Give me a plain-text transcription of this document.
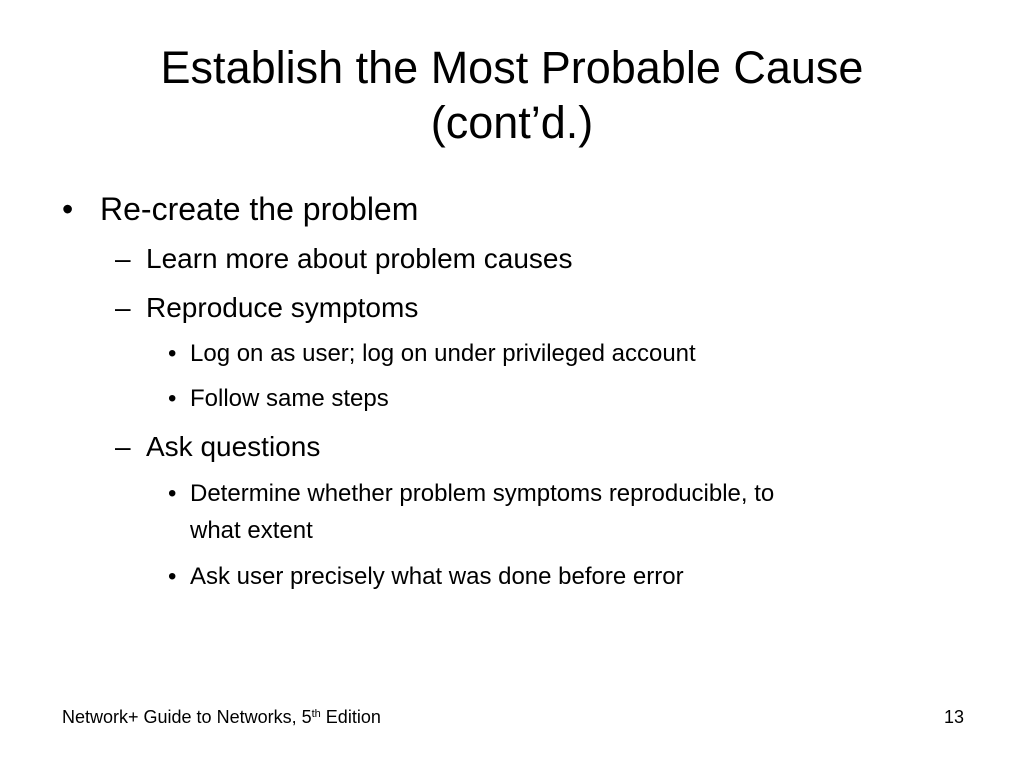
Establish the Most Probable Cause
(cont’d.)
• Re-create the problem
– Learn more about problem causes
– Reproduce symptoms
• Log on as user; log on under privileged account
• Follow same steps
– Ask questions
• Determine whether problem symptoms reproducible, to
what extent
• Ask user precisely what was done before error
Network+ Guide to Networks, 5th Edition	13
